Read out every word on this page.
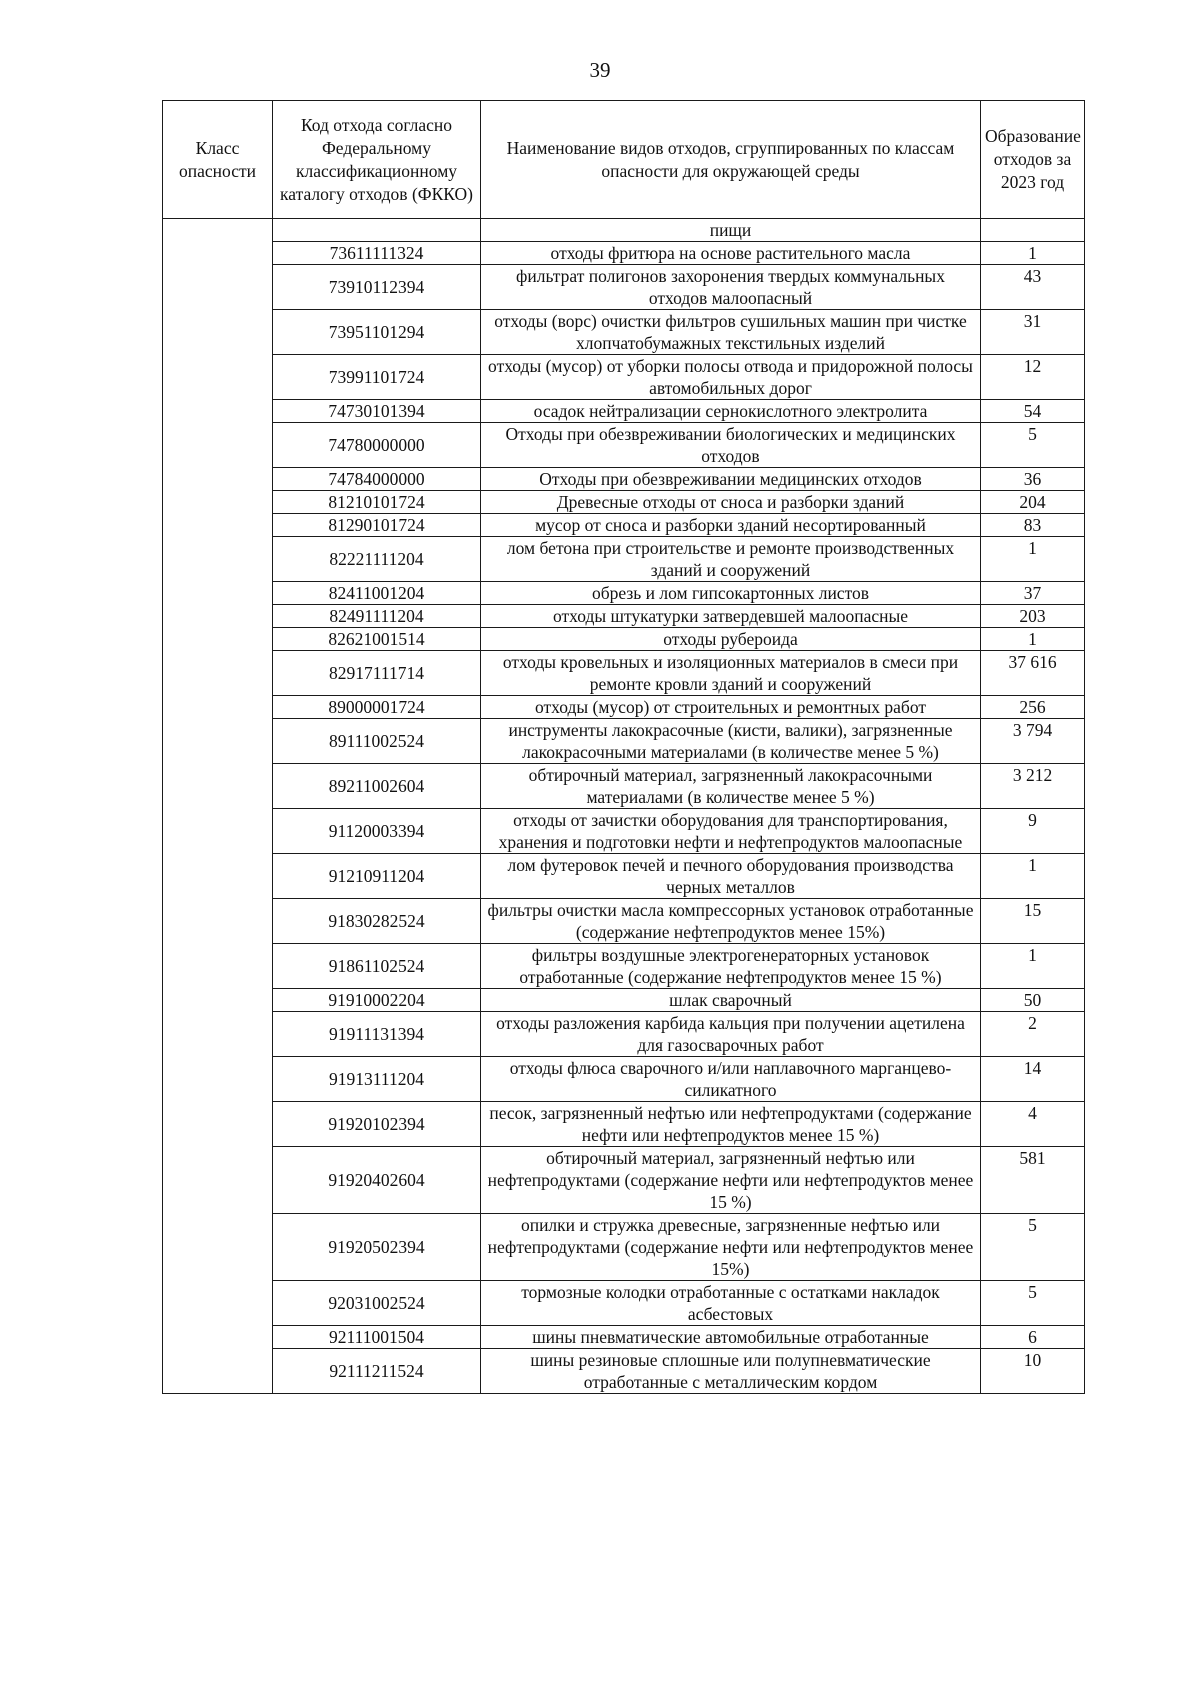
39
Класс опасности	Код отхода согласно Федеральному классификационному каталогу отходов (ФККО)	Наименование видов отходов, сгруппированных по классам опасности для окружающей среды	Образование отходов за 2023 год
		пищи	
	73611111324	отходы фритюра на основе растительного масла	1
	73910112394	фильтрат полигонов захоронения твердых коммунальных отходов малоопасный	43
	73951101294	отходы (ворс) очистки фильтров сушильных машин при чистке хлопчатобумажных текстильных изделий	31
	73991101724	отходы (мусор) от уборки полосы отвода и придорожной полосы автомобильных дорог	12
	74730101394	осадок нейтрализации сернокислотного электролита	54
	74780000000	Отходы при обезвреживании биологических и медицинских отходов	5
	74784000000	Отходы при обезвреживании медицинских отходов	36
	81210101724	Древесные отходы от сноса и разборки зданий	204
	81290101724	мусор от сноса и разборки зданий несортированный	83
	82221111204	лом бетона при строительстве и ремонте производственных зданий и сооружений	1
	82411001204	обрезь и лом гипсокартонных листов	37
	82491111204	отходы штукатурки затвердевшей малоопасные	203
	82621001514	отходы рубероида	1
	82917111714	отходы кровельных и изоляционных материалов в смеси при ремонте кровли зданий и сооружений	37 616
	89000001724	отходы (мусор) от строительных и ремонтных работ	256
	89111002524	инструменты лакокрасочные (кисти, валики), загрязненные лакокрасочными материалами (в количестве менее 5 %)	3 794
	89211002604	обтирочный материал, загрязненный лакокрасочными материалами (в количестве менее 5 %)	3 212
	91120003394	отходы от зачистки оборудования для транспортирования, хранения и подготовки нефти и нефтепродуктов малоопасные	9
	91210911204	лом футеровок печей и печного оборудования производства черных металлов	1
	91830282524	фильтры очистки масла компрессорных установок отработанные (содержание нефтепродуктов менее 15%)	15
	91861102524	фильтры воздушные электрогенераторных установок отработанные (содержание нефтепродуктов менее 15 %)	1
	91910002204	шлак сварочный	50
	91911131394	отходы разложения карбида кальция при получении ацетилена для газосварочных работ	2
	91913111204	отходы флюса сварочного и/или наплавочного марганцево-силикатного	14
	91920102394	песок, загрязненный нефтью или нефтепродуктами (содержание нефти или нефтепродуктов менее 15 %)	4
	91920402604	обтирочный материал, загрязненный нефтью или нефтепродуктами (содержание нефти или нефтепродуктов менее 15 %)	581
	91920502394	опилки и стружка древесные, загрязненные нефтью или нефтепродуктами (содержание нефти или нефтепродуктов менее 15%)	5
	92031002524	тормозные колодки отработанные с остатками накладок асбестовых	5
	92111001504	шины пневматические автомобильные отработанные	6
	92111211524	шины резиновые сплошные или полупневматические отработанные с металлическим кордом	10
